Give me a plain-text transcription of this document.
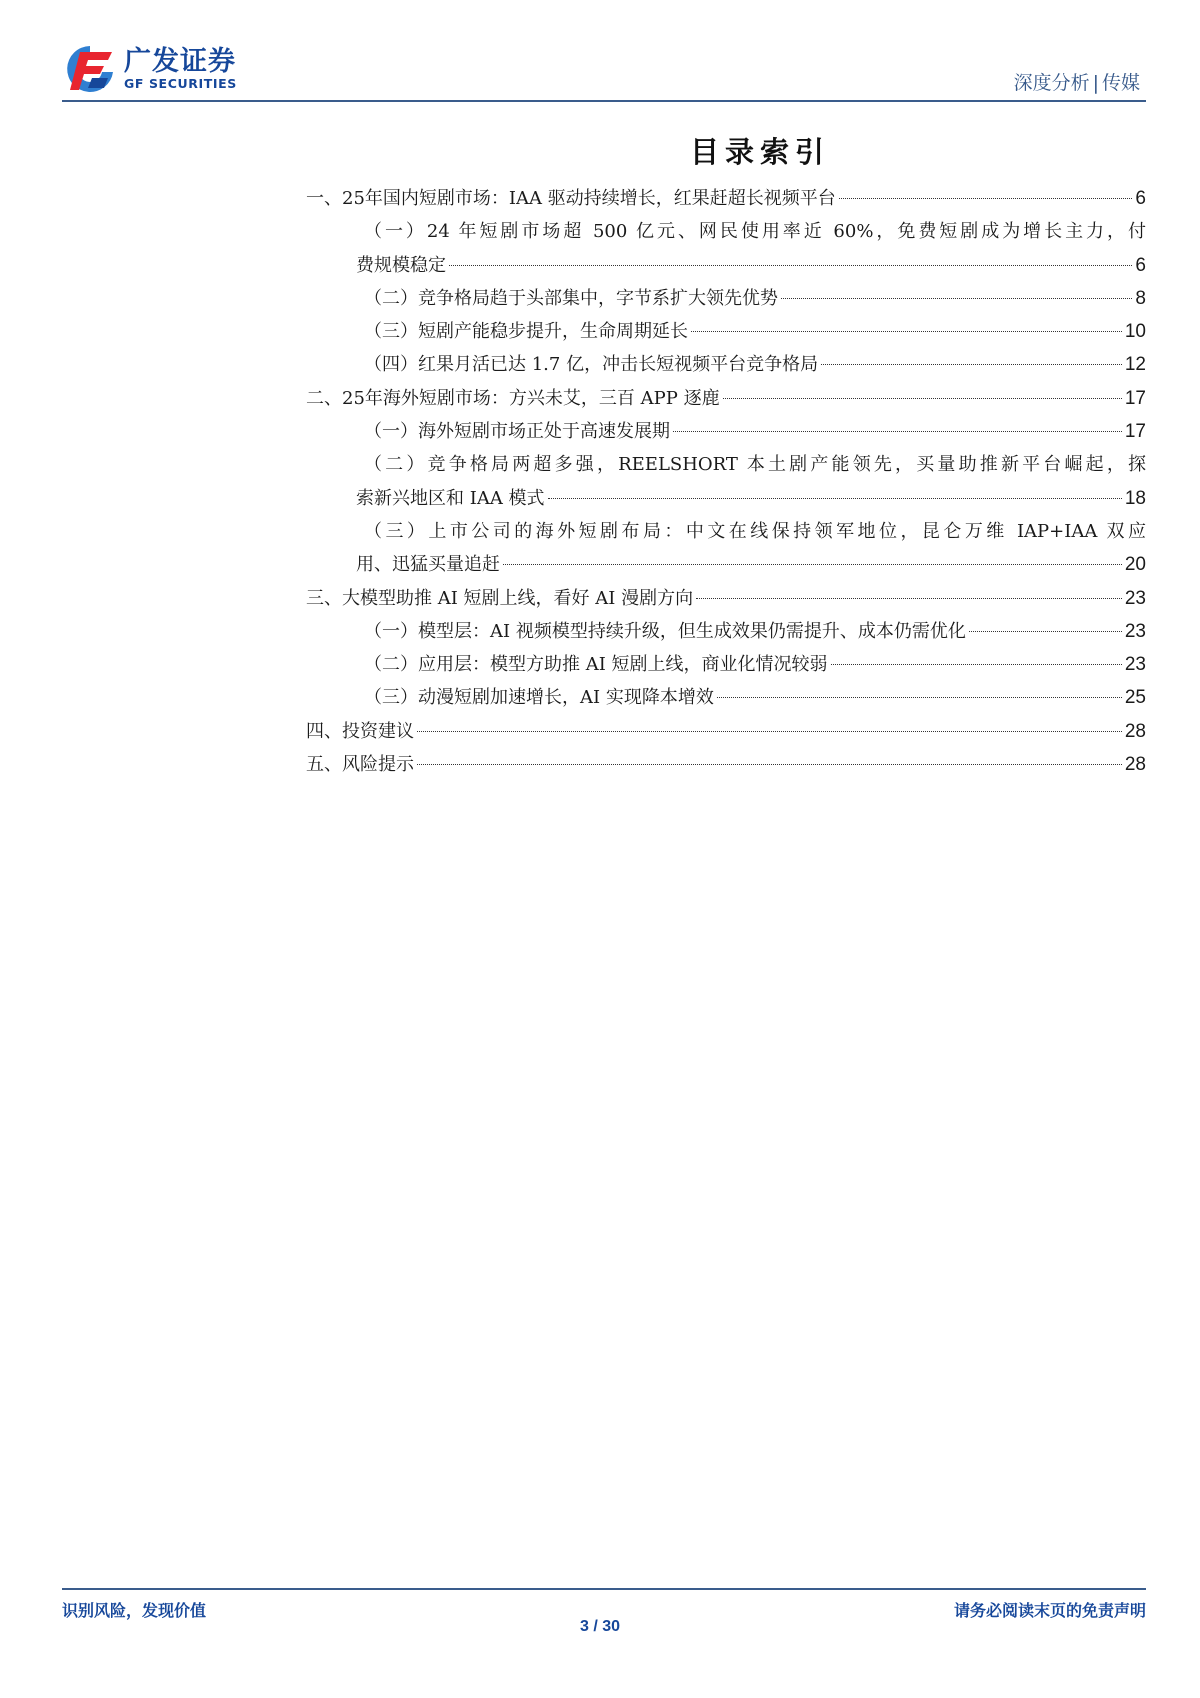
广发证券
GF SECURITIES	深度分析 | 传媒
目录索引
一、25年国内短剧市场：IAA 驱动持续增长，红果赶超长视频平台	6
（一）24 年短剧市场超 500 亿元、网民使用率近 60%，免费短剧成为增长主力，付
费规模稳定	6
（二）竞争格局趋于头部集中，字节系扩大领先优势	8
（三）短剧产能稳步提升，生命周期延长	10
（四）红果月活已达 1.7 亿，冲击长短视频平台竞争格局	12
二、25年海外短剧市场：方兴未艾，三百 APP 逐鹿	17
（一）海外短剧市场正处于高速发展期	17
（二）竞争格局两超多强，REELSHORT 本土剧产能领先，买量助推新平台崛起，探
索新兴地区和 IAA 模式	18
（三）上市公司的海外短剧布局：中文在线保持领军地位，昆仑万维 IAP+IAA 双应
用、迅猛买量追赶	20
三、大模型助推 AI 短剧上线，看好 AI 漫剧方向	23
（一）模型层：AI 视频模型持续升级，但生成效果仍需提升、成本仍需优化	23
（二）应用层：模型方助推 AI 短剧上线，商业化情况较弱	23
（三）动漫短剧加速增长，AI 实现降本增效	25
四、投资建议	28
五、风险提示	28
识别风险，发现价值	请务必阅读末页的免责声明
3 / 30
